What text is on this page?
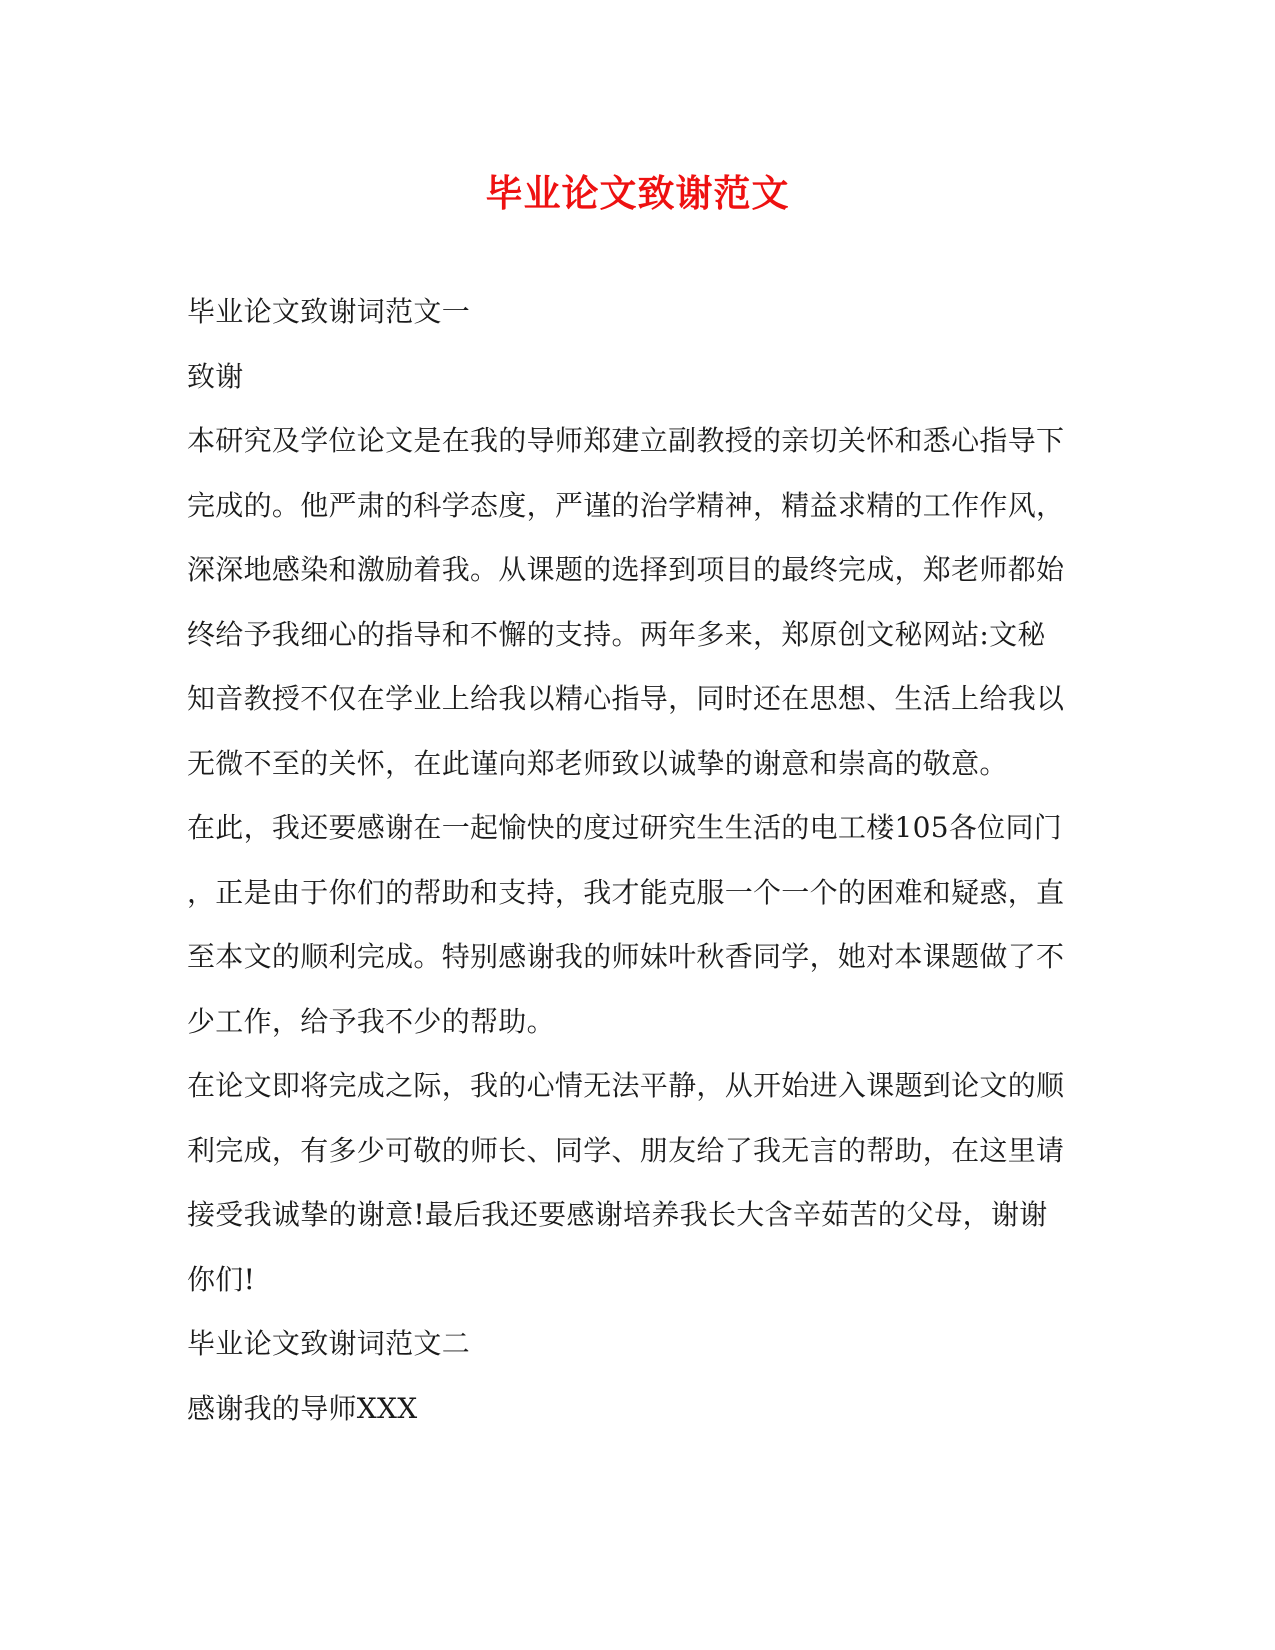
毕业论文致谢范文

毕业论文致谢词范文一

致谢

本研究及学位论文是在我的导师郑建立副教授的亲切关怀和悉心指导下

完成的。他严肃的科学态度，严谨的治学精神，精益求精的工作作风，

深深地感染和激励着我。从课题的选择到项目的最终完成，郑老师都始

终给予我细心的指导和不懈的支持。两年多来，郑原创文秘网站:文秘

知音教授不仅在学业上给我以精心指导，同时还在思想、生活上给我以

无微不至的关怀，在此谨向郑老师致以诚挚的谢意和崇高的敬意。

在此，我还要感谢在一起愉快的度过研究生生活的电工楼105各位同门

，正是由于你们的帮助和支持，我才能克服一个一个的困难和疑惑，直

至本文的顺利完成。特别感谢我的师妹叶秋香同学，她对本课题做了不

少工作，给予我不少的帮助。

在论文即将完成之际，我的心情无法平静，从开始进入课题到论文的顺

利完成，有多少可敬的师长、同学、朋友给了我无言的帮助，在这里请

接受我诚挚的谢意!最后我还要感谢培养我长大含辛茹苦的父母，谢谢

你们!

毕业论文致谢词范文二

感谢我的导师XXX
